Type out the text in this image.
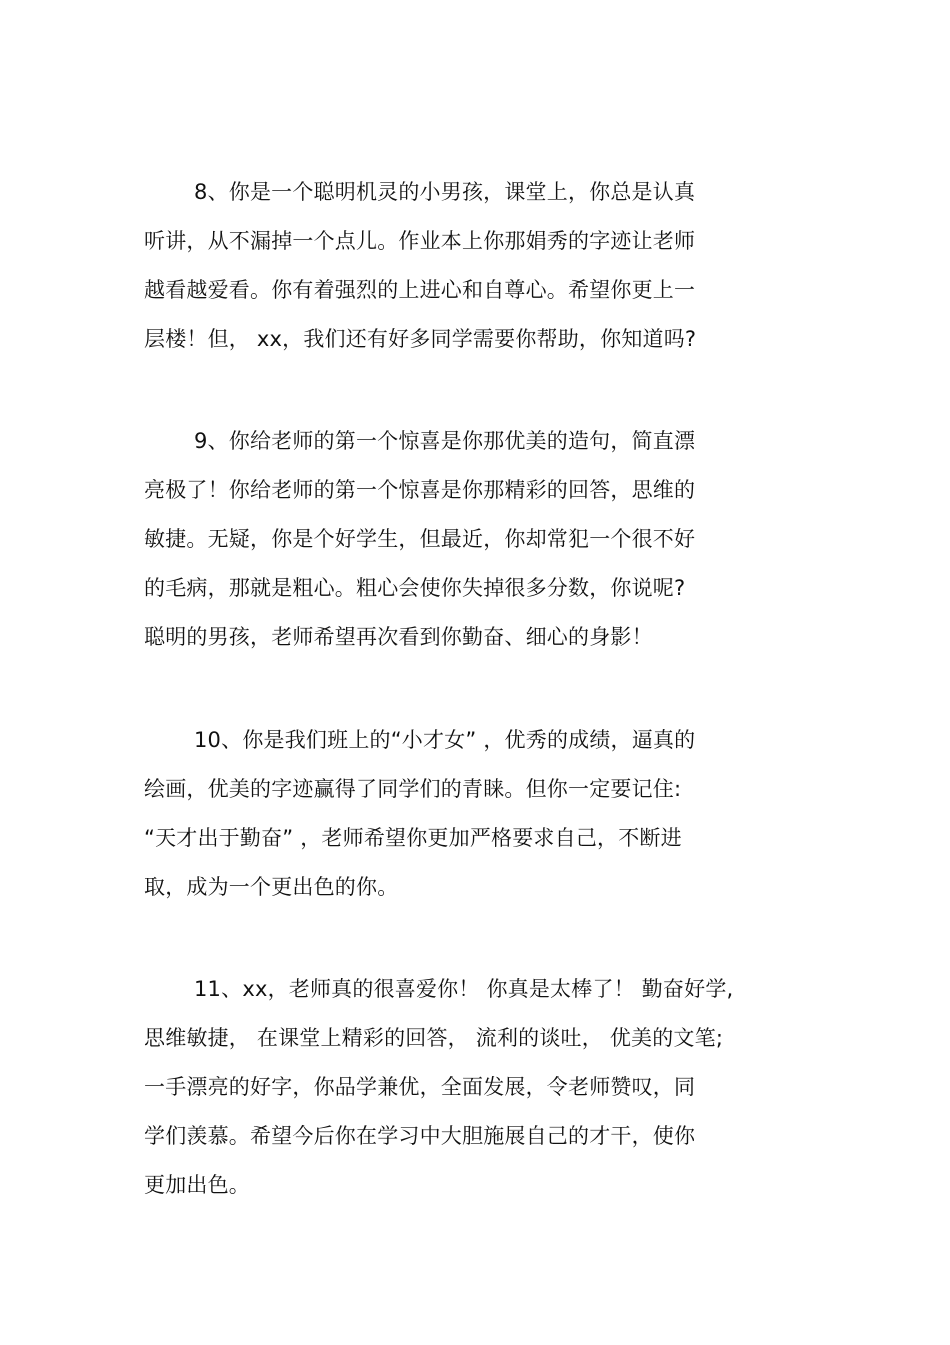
8、你是一个聪明机灵的小男孩，课堂上，你总是认真
听讲，从不漏掉一个点儿。作业本上你那娟秀的字迹让老师
越看越爱看。你有着强烈的上进心和自尊心。希望你更上一
层楼！但， xx，我们还有好多同学需要你帮助，你知道吗?
9、你给老师的第一个惊喜是你那优美的造句，简直漂
亮极了！你给老师的第一个惊喜是你那精彩的回答，思维的
敏捷。无疑，你是个好学生，但最近，你却常犯一个很不好
的毛病，那就是粗心。粗心会使你失掉很多分数，你说呢?
聪明的男孩，老师希望再次看到你勤奋、细心的身影！
10、你是我们班上的“小才女” ，优秀的成绩，逼真的
绘画，优美的字迹赢得了同学们的青睐。但你一定要记住:
“天才出于勤奋” ，老师希望你更加严格要求自己，不断进
取，成为一个更出色的你。
11、xx，老师真的很喜爱你！ 你真是太棒了！ 勤奋好学,
思维敏捷， 在课堂上精彩的回答， 流利的谈吐， 优美的文笔;
一手漂亮的好字，你品学兼优，全面发展，令老师赞叹，同
学们羡慕。希望今后你在学习中大胆施展自己的才干，使你
更加出色。
